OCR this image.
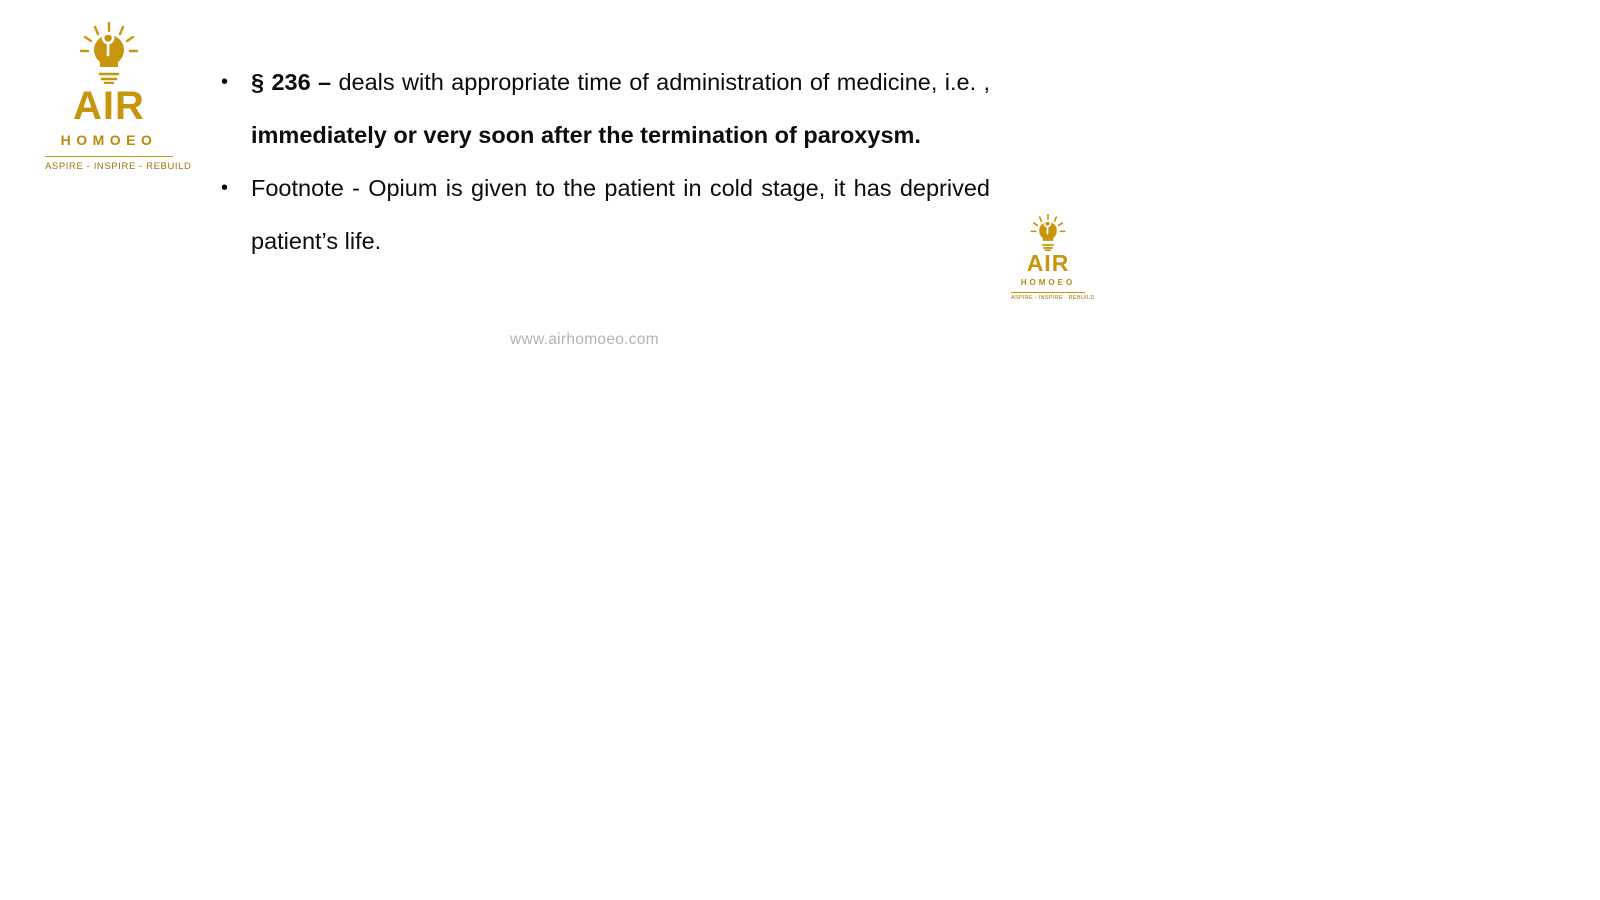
AIR
HOMOEO
ASPIRE - INSPIRE - REBUILD
AIR
HOMOEO
ASPIRE - INSPIRE - REBUILD
• § 236 – deals with appropriate time of administration of medicine, i.e. , immediately or very soon after the termination of paroxysm.
• Footnote - Opium is given to the patient in cold stage, it has deprived patient’s life.
www.airhomoeo.com
